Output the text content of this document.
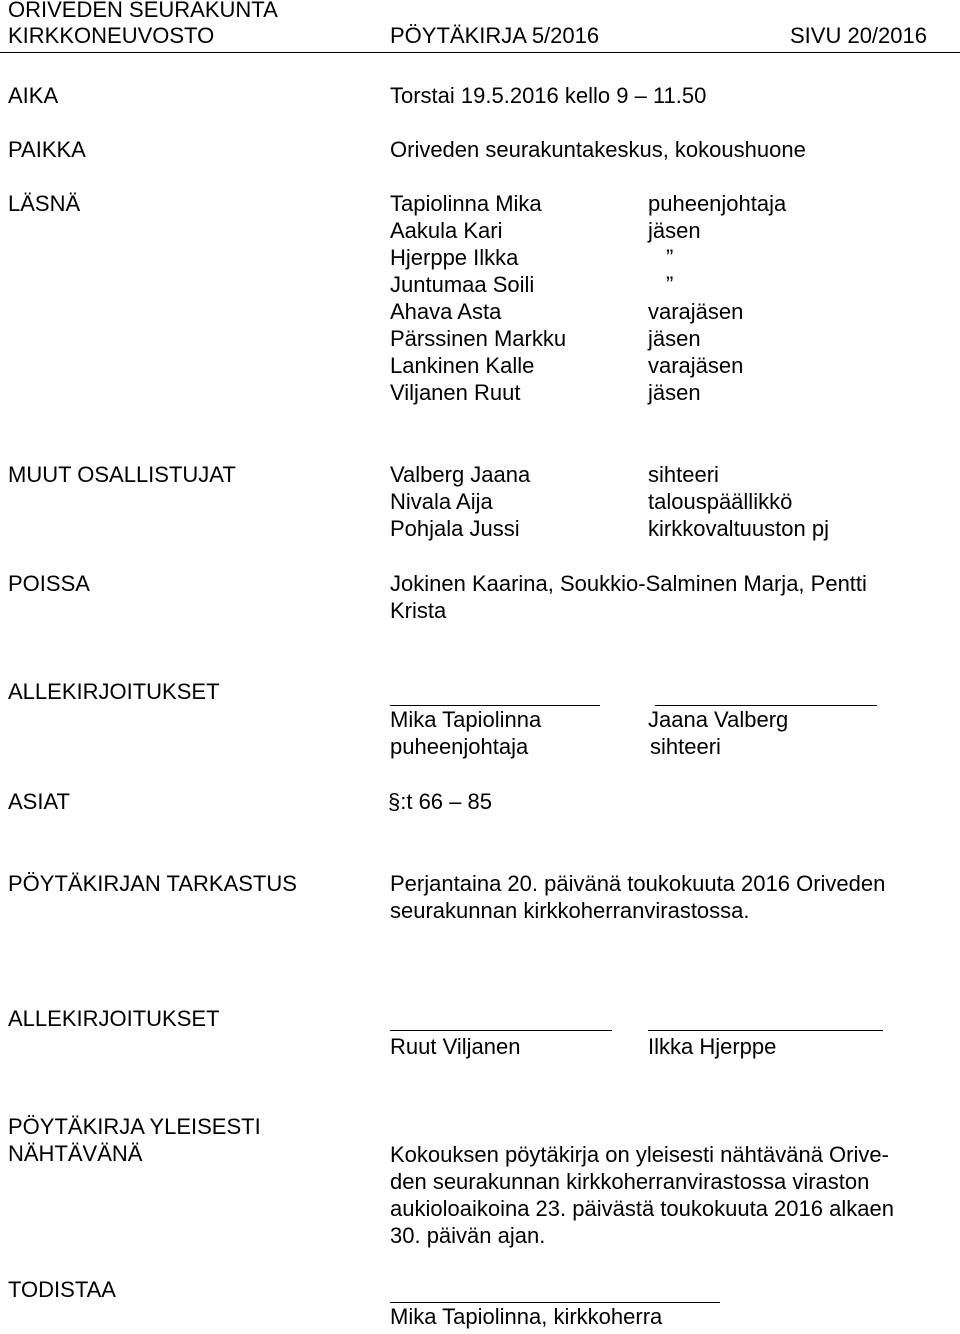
ORIVEDEN SEURAKUNTA
KIRKKONEUVOSTO	PÖYTÄKIRJA 5/2016	SIVU 20/2016
AIKA	Torstai 19.5.2016 kello 9 – 11.50
PAIKKA	Oriveden seurakuntakeskus, kokoushuone
LÄSNÄ	Tapiolinna Mika	puheenjohtaja
Aakula Kari	jäsen
Hjerppe Ilkka	”
Juntumaa Soili	”
Ahava Asta	varajäsen
Pärssinen Markku	jäsen
Lankinen Kalle	varajäsen
Viljanen Ruut	jäsen
MUUT OSALLISTUJAT	Valberg Jaana	sihteeri
Nivala Aija	talouspäällikkö
Pohjala Jussi	kirkkovaltuuston pj
POISSA	Jokinen Kaarina, Soukkio-Salminen Marja, Pentti
Krista
ALLEKIRJOITUKSET
Mika Tapiolinna	Jaana Valberg
puheenjohtaja	sihteeri
ASIAT	§:t 66 – 85
PÖYTÄKIRJAN TARKASTUS	Perjantaina 20. päivänä toukokuuta 2016 Oriveden
seurakunnan kirkkoherranvirastossa.
ALLEKIRJOITUKSET
Ruut Viljanen	Ilkka Hjerppe
PÖYTÄKIRJA YLEISESTI
NÄHTÄVÄNÄ	Kokouksen pöytäkirja on yleisesti nähtävänä Orive-
den seurakunnan kirkkoherranvirastossa viraston
aukioloaikoina 23. päivästä toukokuuta 2016 alkaen
30. päivän ajan.
TODISTAA
Mika Tapiolinna, kirkkoherra
